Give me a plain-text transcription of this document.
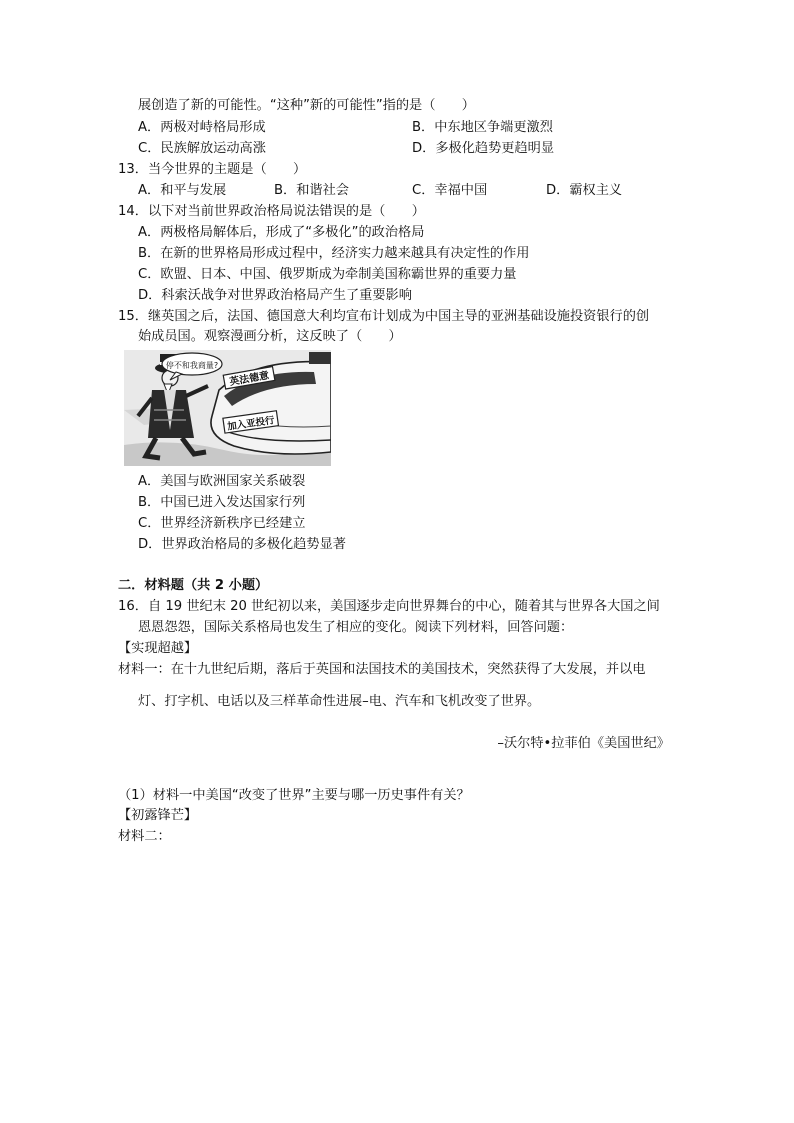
展创造了新的可能性。“这种”新的可能性”指的是（　　）
A．两极对峙格局形成	B．中东地区争端更激烈
C．民族解放运动高涨	D．多极化趋势更趋明显
13．当今世界的主题是（　　）
A．和平与发展	B．和谐社会	C．幸福中国	D．霸权主义
14．以下对当前世界政治格局说法错误的是（　　）
A．两极格局解体后，形成了“多极化”的政治格局
B．在新的世界格局形成过程中，经济实力越来越具有决定性的作用
C．欧盟、日本、中国、俄罗斯成为牵制美国称霸世界的重要力量
D．科索沃战争对世界政治格局产生了重要影响
15．继英国之后，法国、德国意大利均宣布计划成为中国主导的亚洲基础设施投资银行的创
始成员国。观察漫画分析，这反映了（　　）
英法德意
加入亚投行
停不和我商量?
A．美国与欧洲国家关系破裂
B．中国已进入发达国家行列
C．世界经济新秩序已经建立
D．世界政治格局的多极化趋势显著
二．材料题（共 2 小题）
16．自 19 世纪末 20 世纪初以来，美国逐步走向世界舞台的中心，随着其与世界各大国之间
恩恩怨怨，国际关系格局也发生了相应的变化。阅读下列材料，回答问题：
【实现超越】
材料一：在十九世纪后期，落后于英国和法国技术的美国技术，突然获得了大发展，并以电
灯、打字机、电话以及三样革命性进展–电、汽车和飞机改变了世界。
–沃尔特•拉菲伯《美国世纪》
（1）材料一中美国“改变了世界”主要与哪一历史事件有关？
【初露锋芒】
材料二：
